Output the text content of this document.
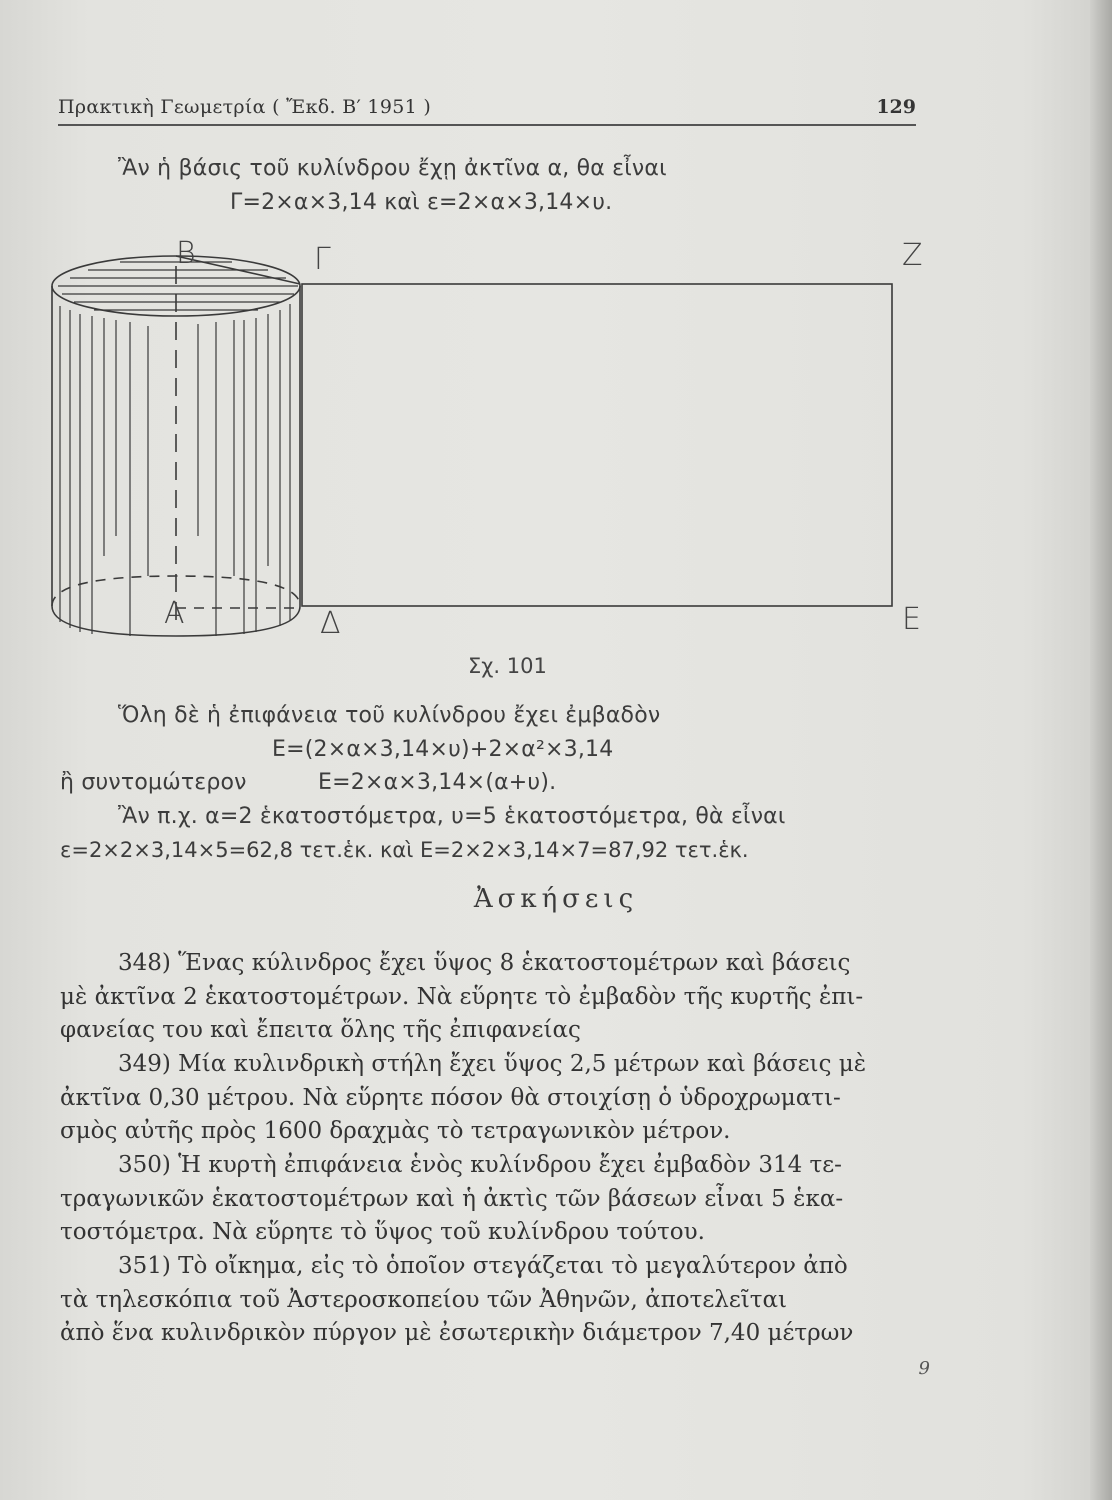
Πρακτικὴ Γεωμετρία ( Ἔκδ. Β′ 1951 )	129
Ἂν ἡ βάσις τοῦ κυλίνδρου ἔχῃ ἀκτῖνα α, θα εἶναι
Γ=2×α×3,14 καὶ ε=2×α×3,14×υ.
Β	Γ	Ζ
Α	Δ	Ε
Σχ. 101
Ὅλη δὲ ἡ ἐπιφάνεια τοῦ κυλίνδρου ἔχει ἐμβαδὸν
Ε=(2×α×3,14×υ)+2×α²×3,14
ἢ συντομώτερον	Ε=2×α×3,14×(α+υ).
Ἂν π.χ. α=2 ἑκατοστόμετρα, υ=5 ἑκατοστόμετρα, θὰ εἶναι
ε=2×2×3,14×5=62,8 τετ.ἑκ. καὶ Ε=2×2×3,14×7=87,92 τετ.ἑκ.
Ἀσκήσεις
348) Ἕνας κύλινδρος ἔχει ὕψος 8 ἑκατοστομέτρων καὶ βάσεις
μὲ ἀκτῖνα 2 ἑκατοστομέτρων. Νὰ εὕρητε τὸ ἐμβαδὸν τῆς κυρτῆς ἐπι-
φανείας του καὶ ἔπειτα ὅλης τῆς ἐπιφανείας
349) Μία κυλινδρικὴ στήλη ἔχει ὕψος 2,5 μέτρων καὶ βάσεις μὲ
ἀκτῖνα 0,30 μέτρου. Νὰ εὕρητε πόσον θὰ στοιχίσῃ ὁ ὑδροχρωματι-
σμὸς αὐτῆς πρὸς 1600 δραχμὰς τὸ τετραγωνικὸν μέτρον.
350) Ἡ κυρτὴ ἐπιφάνεια ἑνὸς κυλίνδρου ἔχει ἐμβαδὸν 314 τε-
τραγωνικῶν ἑκατοστομέτρων καὶ ἡ ἀκτὶς τῶν βάσεων εἶναι 5 ἑκα-
τοστόμετρα. Νὰ εὕρητε τὸ ὕψος τοῦ κυλίνδρου τούτου.
351) Τὸ οἴκημα, εἰς τὸ ὁποῖον στεγάζεται τὸ μεγαλύτερον ἀπὸ
τὰ τηλεσκόπια τοῦ Ἀστεροσκοπείου τῶν Ἀθηνῶν, ἀποτελεῖται
ἀπὸ ἕνα κυλινδρικὸν πύργον μὲ ἐσωτερικὴν διάμετρον 7,40 μέτρων
9
